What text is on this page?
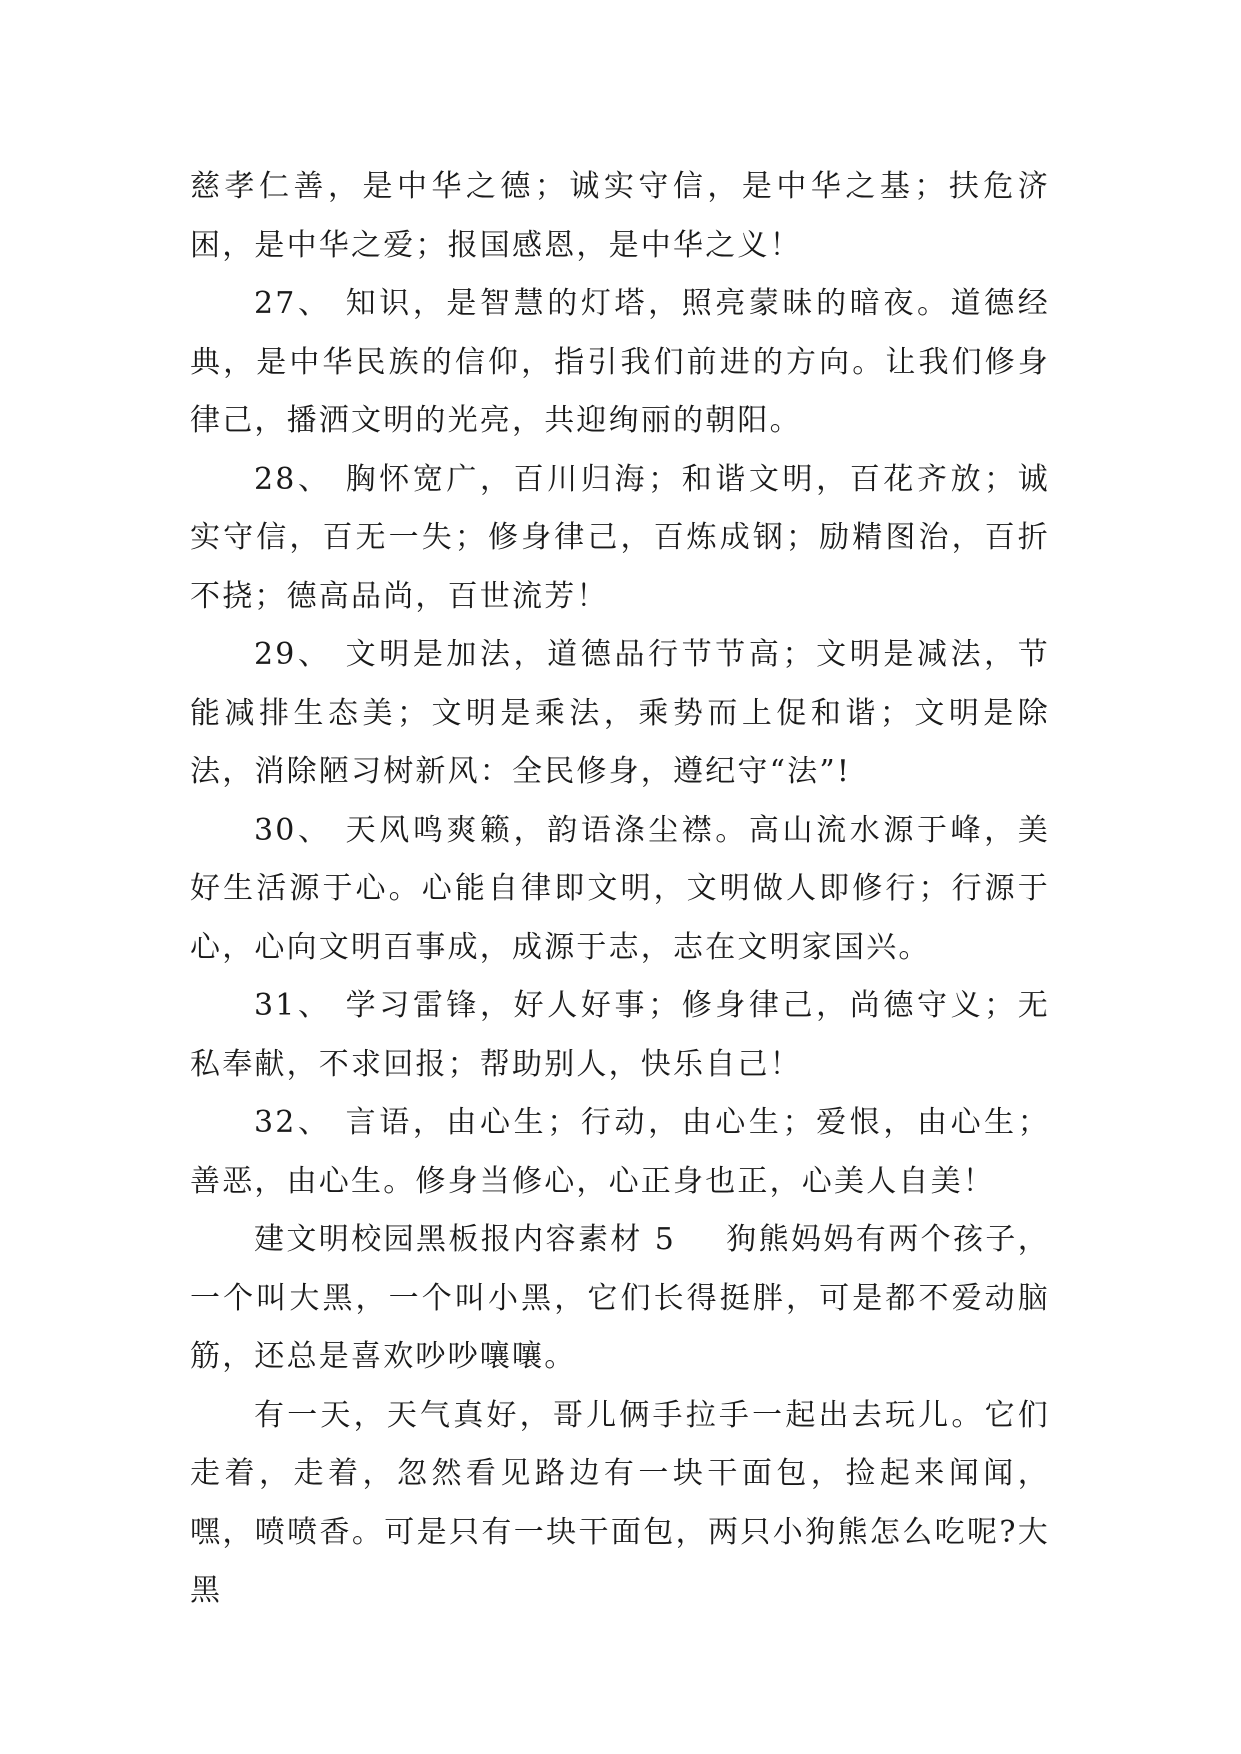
慈孝仁善，是中华之德；诚实守信，是中华之基；扶危济困，是中华之爱；报国感恩，是中华之义！

27、 知识，是智慧的灯塔，照亮蒙昧的暗夜。道德经典，是中华民族的信仰，指引我们前进的方向。让我们修身律己，播洒文明的光亮，共迎绚丽的朝阳。

28、 胸怀宽广，百川归海；和谐文明，百花齐放；诚实守信，百无一失；修身律己，百炼成钢；励精图治，百折不挠；德高品尚，百世流芳！

29、 文明是加法，道德品行节节高；文明是减法，节能减排生态美；文明是乘法，乘势而上促和谐；文明是除法，消除陋习树新风：全民修身，遵纪守“法”!

30、 天风鸣爽籁，韵语涤尘襟。高山流水源于峰，美好生活源于心。心能自律即文明，文明做人即修行；行源于心，心向文明百事成，成源于志，志在文明家国兴。

31、 学习雷锋，好人好事；修身律己，尚德守义；无私奉献，不求回报；帮助别人，快乐自己！

32、 言语，由心生；行动，由心生；爱恨，由心生；善恶，由心生。修身当修心，心正身也正，心美人自美！

建文明校园黑板报内容素材 5 狗熊妈妈有两个孩子，一个叫大黑，一个叫小黑，它们长得挺胖，可是都不爱动脑筋，还总是喜欢吵吵嚷嚷。

有一天，天气真好，哥儿俩手拉手一起出去玩儿。它们走着，走着，忽然看见路边有一块干面包，捡起来闻闻，嘿，喷喷香。可是只有一块干面包，两只小狗熊怎么吃呢?大黑
